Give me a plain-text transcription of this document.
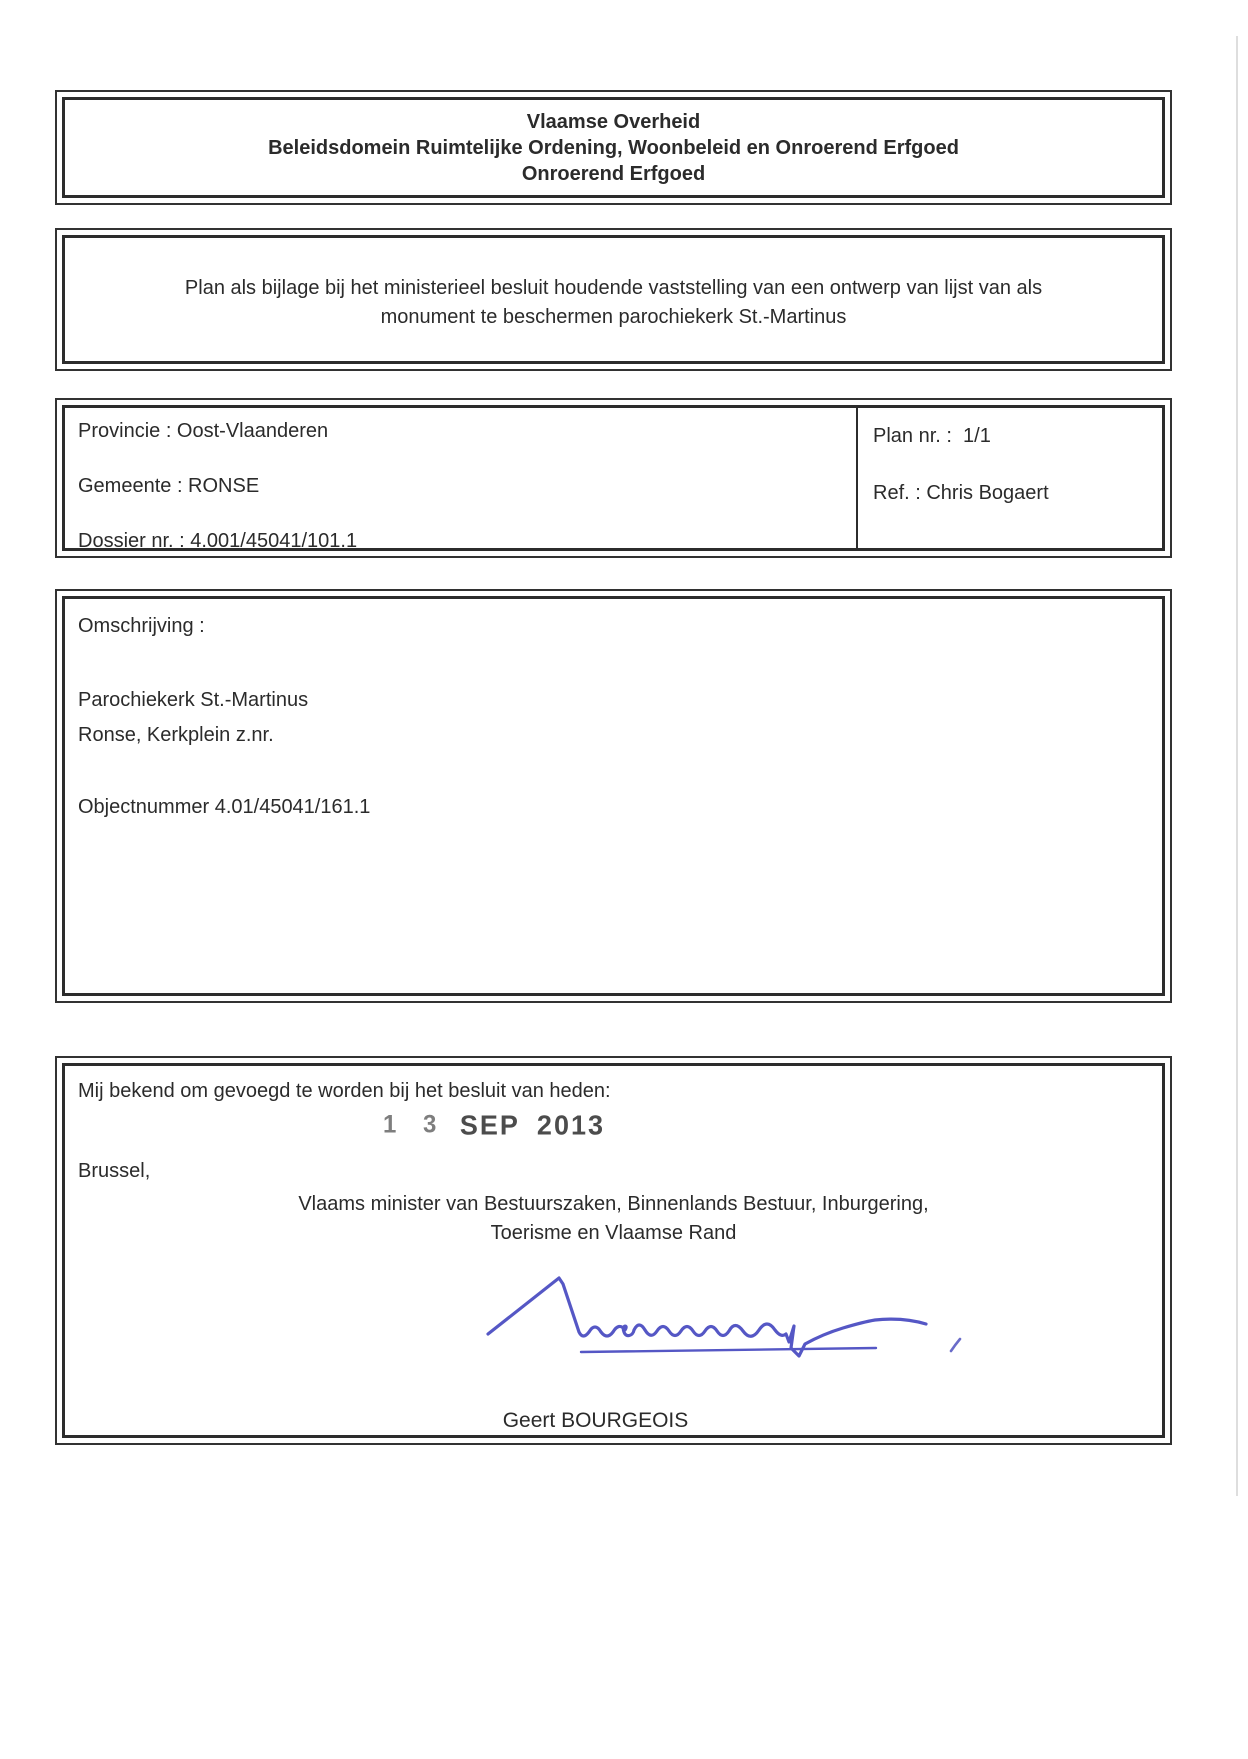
Vlaamse Overheid
Beleidsdomein Ruimtelijke Ordening, Woonbeleid en Onroerend Erfgoed
Onroerend Erfgoed
Plan als bijlage bij het ministerieel besluit houdende vaststelling van een ontwerp van lijst van als
monument te beschermen parochiekerk St.-Martinus
Provincie : Oost-Vlaanderen
Gemeente : RONSE
Dossier nr. : 4.001/45041/101.1
Plan nr. :  1/1
Ref. : Chris Bogaert
Omschrijving :
Parochiekerk St.-Martinus
Ronse, Kerkplein z.nr.
Objectnummer 4.01/45041/161.1
Mij bekend om gevoegd te worden bij het besluit van heden:
1 3 SEP 2013
Brussel,
Vlaams minister van Bestuurszaken, Binnenlands Bestuur, Inburgering,
Toerisme en Vlaamse Rand
Geert BOURGEOIS
